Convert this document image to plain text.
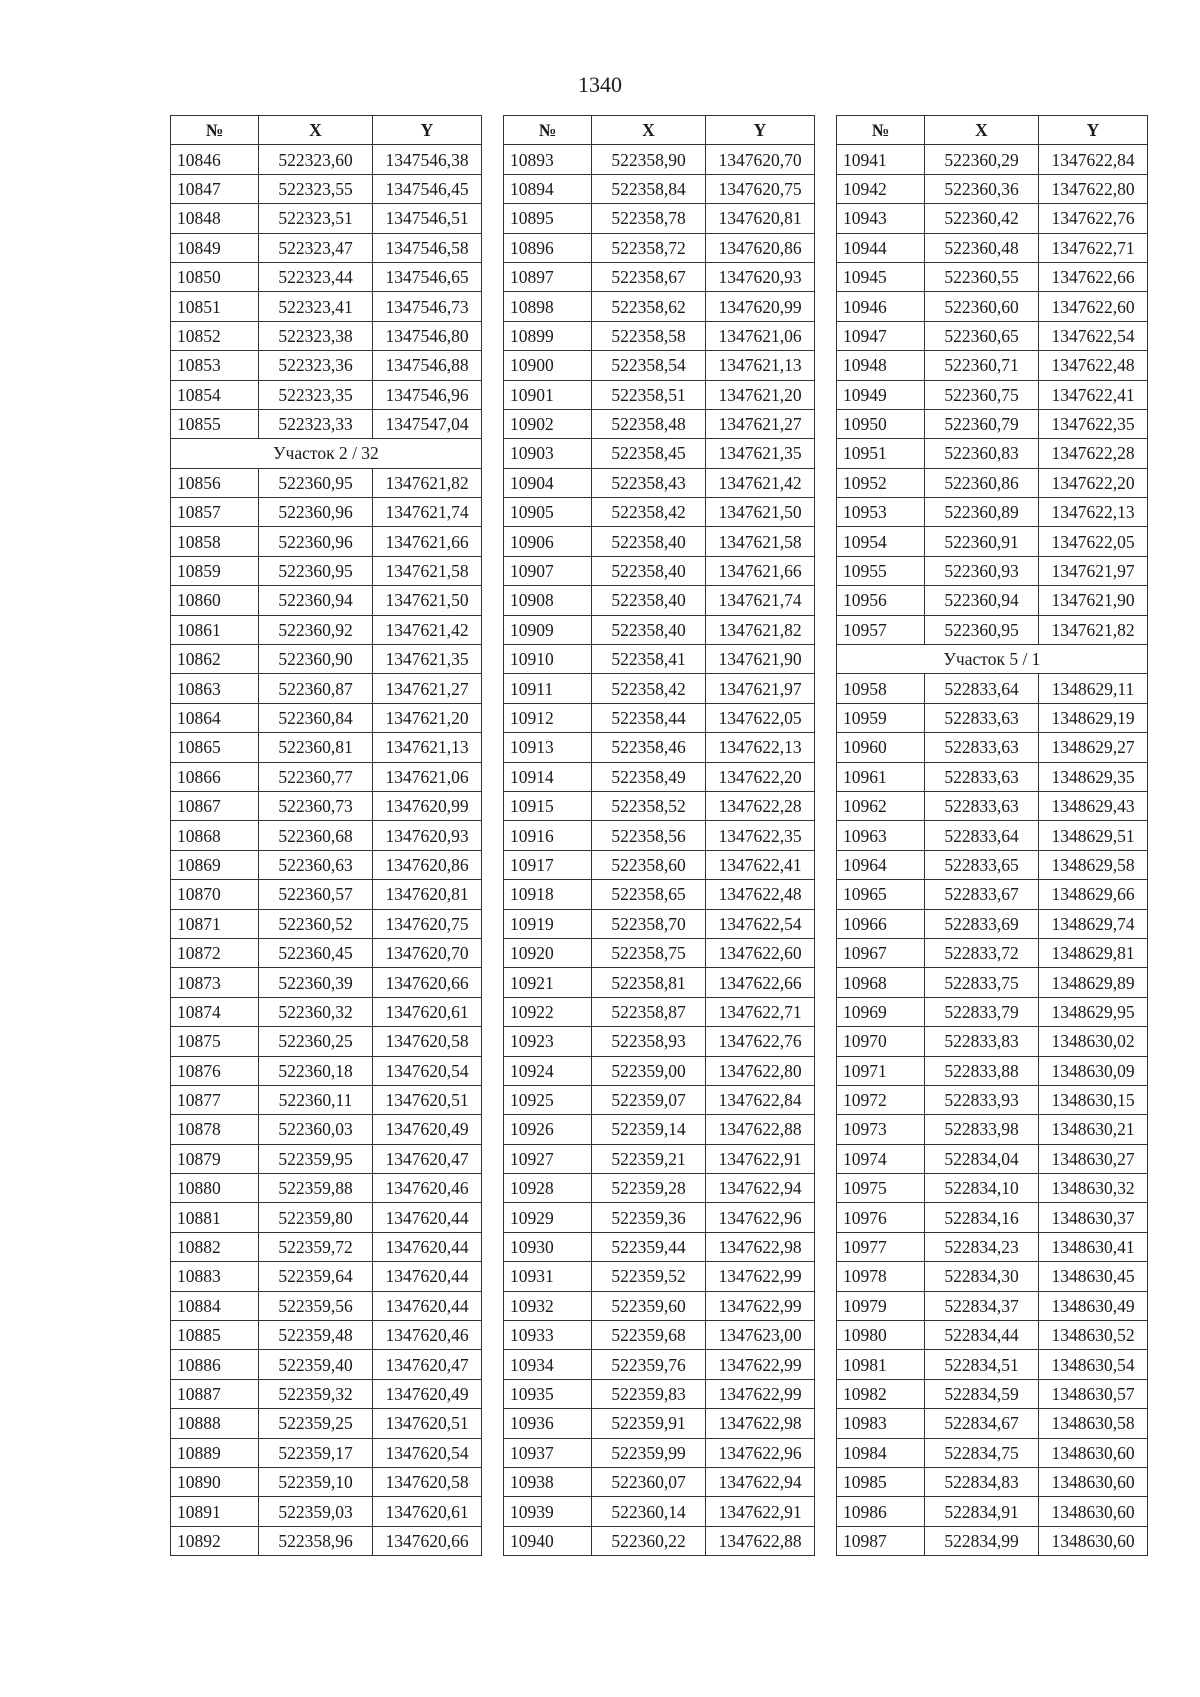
1340
№	X	Y
10846	522323,60	1347546,38
10847	522323,55	1347546,45
10848	522323,51	1347546,51
10849	522323,47	1347546,58
10850	522323,44	1347546,65
10851	522323,41	1347546,73
10852	522323,38	1347546,80
10853	522323,36	1347546,88
10854	522323,35	1347546,96
10855	522323,33	1347547,04
Участок 2 / 32		
10856	522360,95	1347621,82
10857	522360,96	1347621,74
10858	522360,96	1347621,66
10859	522360,95	1347621,58
10860	522360,94	1347621,50
10861	522360,92	1347621,42
10862	522360,90	1347621,35
10863	522360,87	1347621,27
10864	522360,84	1347621,20
10865	522360,81	1347621,13
10866	522360,77	1347621,06
10867	522360,73	1347620,99
10868	522360,68	1347620,93
10869	522360,63	1347620,86
10870	522360,57	1347620,81
10871	522360,52	1347620,75
10872	522360,45	1347620,70
10873	522360,39	1347620,66
10874	522360,32	1347620,61
10875	522360,25	1347620,58
10876	522360,18	1347620,54
10877	522360,11	1347620,51
10878	522360,03	1347620,49
10879	522359,95	1347620,47
10880	522359,88	1347620,46
10881	522359,80	1347620,44
10882	522359,72	1347620,44
10883	522359,64	1347620,44
10884	522359,56	1347620,44
10885	522359,48	1347620,46
10886	522359,40	1347620,47
10887	522359,32	1347620,49
10888	522359,25	1347620,51
10889	522359,17	1347620,54
10890	522359,10	1347620,58
10891	522359,03	1347620,61
10892	522358,96	1347620,66
№	X	Y
10893	522358,90	1347620,70
10894	522358,84	1347620,75
10895	522358,78	1347620,81
10896	522358,72	1347620,86
10897	522358,67	1347620,93
10898	522358,62	1347620,99
10899	522358,58	1347621,06
10900	522358,54	1347621,13
10901	522358,51	1347621,20
10902	522358,48	1347621,27
10903	522358,45	1347621,35
10904	522358,43	1347621,42
10905	522358,42	1347621,50
10906	522358,40	1347621,58
10907	522358,40	1347621,66
10908	522358,40	1347621,74
10909	522358,40	1347621,82
10910	522358,41	1347621,90
10911	522358,42	1347621,97
10912	522358,44	1347622,05
10913	522358,46	1347622,13
10914	522358,49	1347622,20
10915	522358,52	1347622,28
10916	522358,56	1347622,35
10917	522358,60	1347622,41
10918	522358,65	1347622,48
10919	522358,70	1347622,54
10920	522358,75	1347622,60
10921	522358,81	1347622,66
10922	522358,87	1347622,71
10923	522358,93	1347622,76
10924	522359,00	1347622,80
10925	522359,07	1347622,84
10926	522359,14	1347622,88
10927	522359,21	1347622,91
10928	522359,28	1347622,94
10929	522359,36	1347622,96
10930	522359,44	1347622,98
10931	522359,52	1347622,99
10932	522359,60	1347622,99
10933	522359,68	1347623,00
10934	522359,76	1347622,99
10935	522359,83	1347622,99
10936	522359,91	1347622,98
10937	522359,99	1347622,96
10938	522360,07	1347622,94
10939	522360,14	1347622,91
10940	522360,22	1347622,88
№	X	Y
10941	522360,29	1347622,84
10942	522360,36	1347622,80
10943	522360,42	1347622,76
10944	522360,48	1347622,71
10945	522360,55	1347622,66
10946	522360,60	1347622,60
10947	522360,65	1347622,54
10948	522360,71	1347622,48
10949	522360,75	1347622,41
10950	522360,79	1347622,35
10951	522360,83	1347622,28
10952	522360,86	1347622,20
10953	522360,89	1347622,13
10954	522360,91	1347622,05
10955	522360,93	1347621,97
10956	522360,94	1347621,90
10957	522360,95	1347621,82
Участок 5 / 1		
10958	522833,64	1348629,11
10959	522833,63	1348629,19
10960	522833,63	1348629,27
10961	522833,63	1348629,35
10962	522833,63	1348629,43
10963	522833,64	1348629,51
10964	522833,65	1348629,58
10965	522833,67	1348629,66
10966	522833,69	1348629,74
10967	522833,72	1348629,81
10968	522833,75	1348629,89
10969	522833,79	1348629,95
10970	522833,83	1348630,02
10971	522833,88	1348630,09
10972	522833,93	1348630,15
10973	522833,98	1348630,21
10974	522834,04	1348630,27
10975	522834,10	1348630,32
10976	522834,16	1348630,37
10977	522834,23	1348630,41
10978	522834,30	1348630,45
10979	522834,37	1348630,49
10980	522834,44	1348630,52
10981	522834,51	1348630,54
10982	522834,59	1348630,57
10983	522834,67	1348630,58
10984	522834,75	1348630,60
10985	522834,83	1348630,60
10986	522834,91	1348630,60
10987	522834,99	1348630,60
